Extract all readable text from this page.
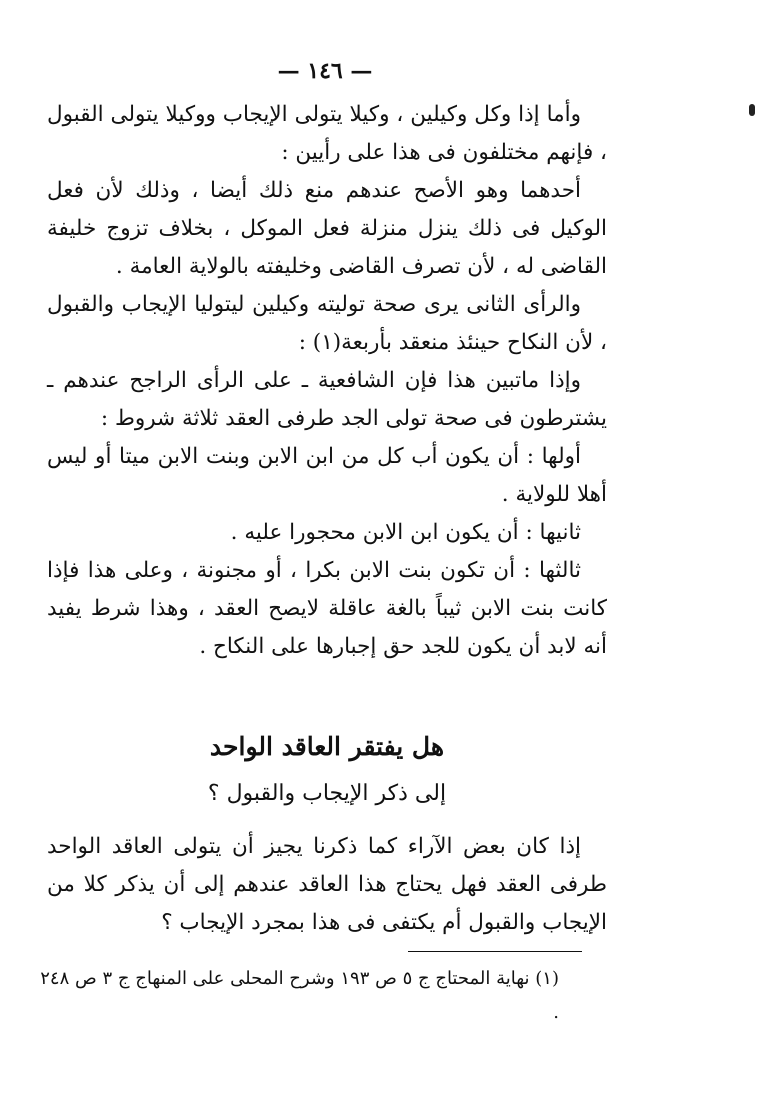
— ١٤٦ —

وأما إذا وكل وكيلين ، وكيلا يتولى الإيجاب ووكيلا يتولى القبول ، فإنهم مختلفون فى هذا على رأيين :

أحدهما وهو الأصح عندهم منع ذلك أيضا ، وذلك لأن فعل الوكيل فى ذلك ينزل منزلة فعل الموكل ، بخلاف تزوج خليفة القاضى له ، لأن تصرف القاضى وخليفته بالولاية العامة .

والرأى الثانى يرى صحة توليته وكيلين ليتوليا الإيجاب والقبول ، لأن النكاح حينئذ منعقد بأربعة(١) :

وإذا ماتبين هذا فإن الشافعية ـ على الرأى الراجح عندهم ـ يشترطون فى صحة تولى الجد طرفى العقد ثلاثة شروط :

أولها : أن يكون أب كل من ابن الابن وبنت الابن ميتا أو ليس أهلا للولاية .

ثانيها : أن يكون ابن الابن محجورا عليه .

ثالثها : أن تكون بنت الابن بكرا ، أو مجنونة ، وعلى هذا فإذا كانت بنت الابن ثيباً بالغة عاقلة لايصح العقد ، وهذا شرط يفيد أنه لابد أن يكون للجد حق إجبارها على النكاح .

هل يفتقر العاقد الواحد
إلى ذكر الإيجاب والقبول ؟

إذا كان بعض الآراء كما ذكرنا يجيز أن يتولى العاقد الواحد طرفى العقد فهل يحتاج هذا العاقد عندهم إلى أن يذكر كلا من الإيجاب والقبول أم يكتفى فى هذا بمجرد الإيجاب ؟

(١) نهاية المحتاج ج ٥ ص ١٩٣ وشرح المحلى على المنهاج ج ٣ ص ٢٤٨ .
